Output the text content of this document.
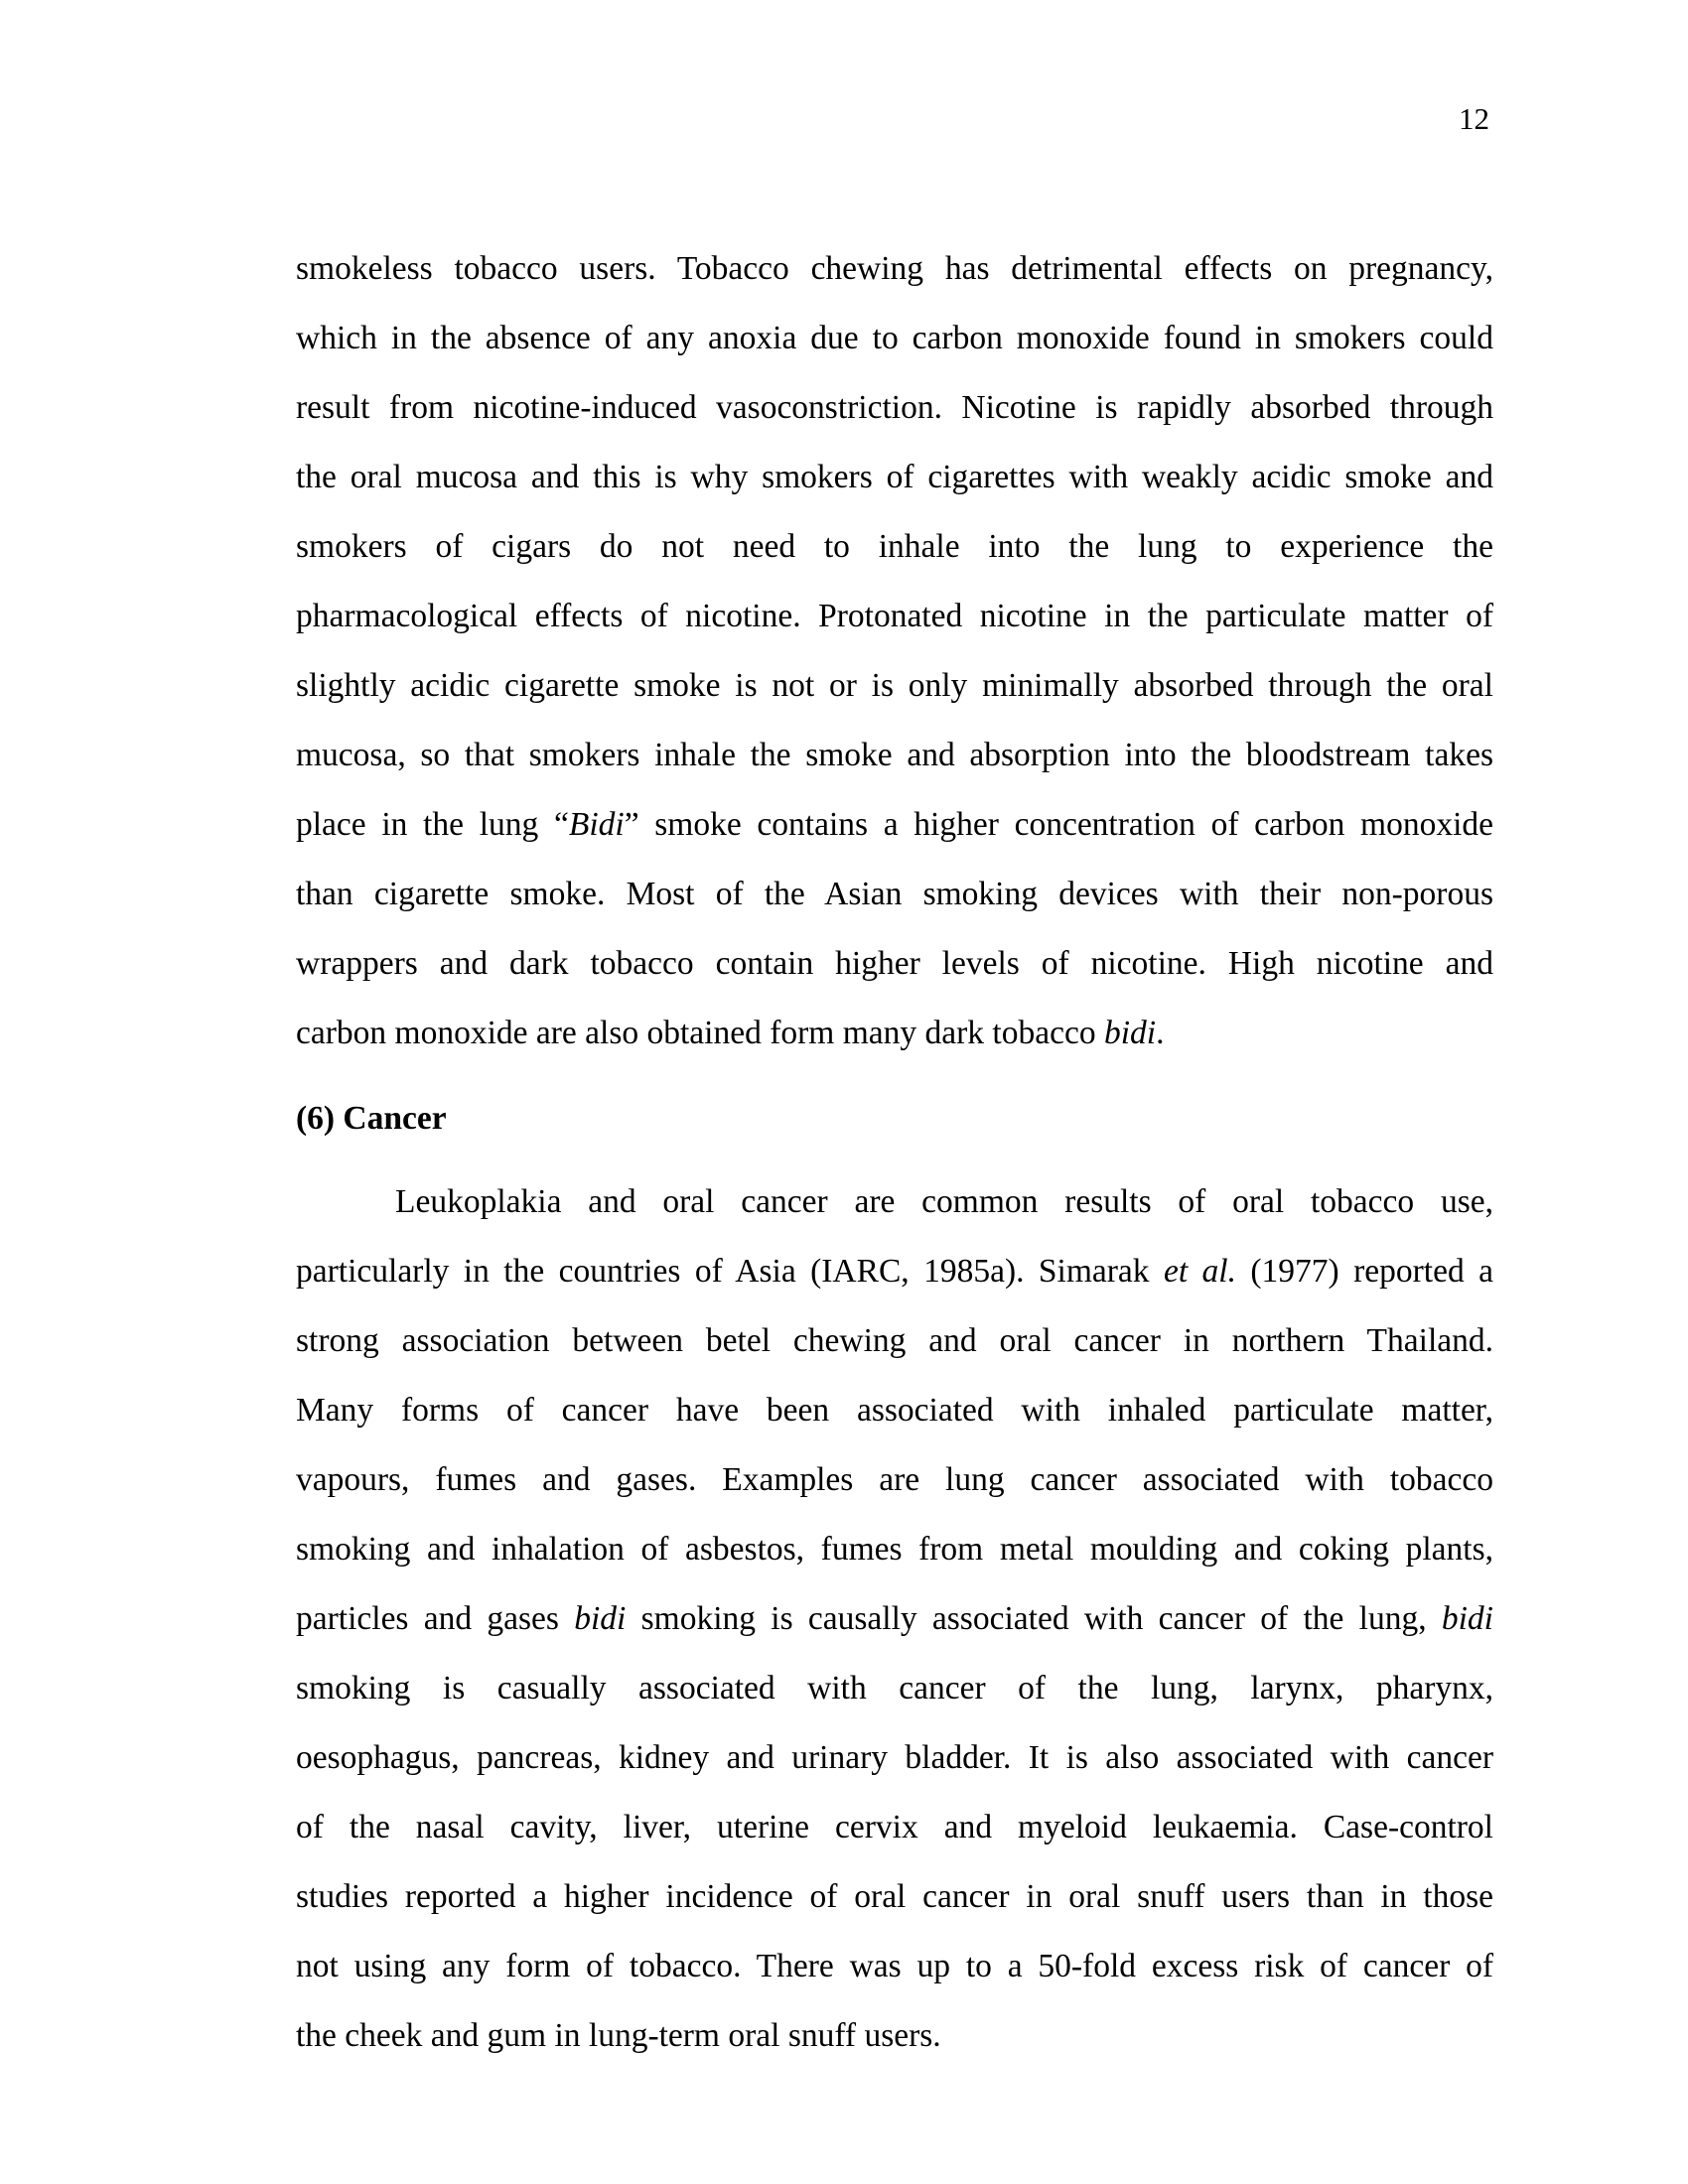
12

smokeless tobacco users. Tobacco chewing has detrimental effects on pregnancy,
which in the absence of any anoxia due to carbon monoxide found in smokers could
result from nicotine-induced vasoconstriction. Nicotine is rapidly absorbed through
the oral mucosa and this is why smokers of cigarettes with weakly acidic smoke and
smokers of cigars do not need to inhale into the lung to experience the
pharmacological effects of nicotine. Protonated nicotine in the particulate matter of
slightly acidic cigarette smoke is not or is only minimally absorbed through the oral
mucosa, so that smokers inhale the smoke and absorption into the bloodstream takes
place in the lung “Bidi” smoke contains a higher concentration of carbon monoxide
than cigarette smoke. Most of the Asian smoking devices with their non-porous
wrappers and dark tobacco contain higher levels of nicotine. High nicotine and
carbon monoxide are also obtained form many dark tobacco bidi.

(6) Cancer

Leukoplakia and oral cancer are common results of oral tobacco use,
particularly in the countries of Asia (IARC, 1985a). Simarak et al. (1977) reported a
strong association between betel chewing and oral cancer in northern Thailand.
Many forms of cancer have been associated with inhaled particulate matter,
vapours, fumes and gases. Examples are lung cancer associated with tobacco
smoking and inhalation of asbestos, fumes from metal moulding and coking plants,
particles and gases bidi smoking is causally associated with cancer of the lung, bidi
smoking is casually associated with cancer of the lung, larynx, pharynx,
oesophagus, pancreas, kidney and urinary bladder. It is also associated with cancer
of the nasal cavity, liver, uterine cervix and myeloid leukaemia. Case-control
studies reported a higher incidence of oral cancer in oral snuff users than in those
not using any form of tobacco. There was up to a 50-fold excess risk of cancer of
the cheek and gum in lung-term oral snuff users.
